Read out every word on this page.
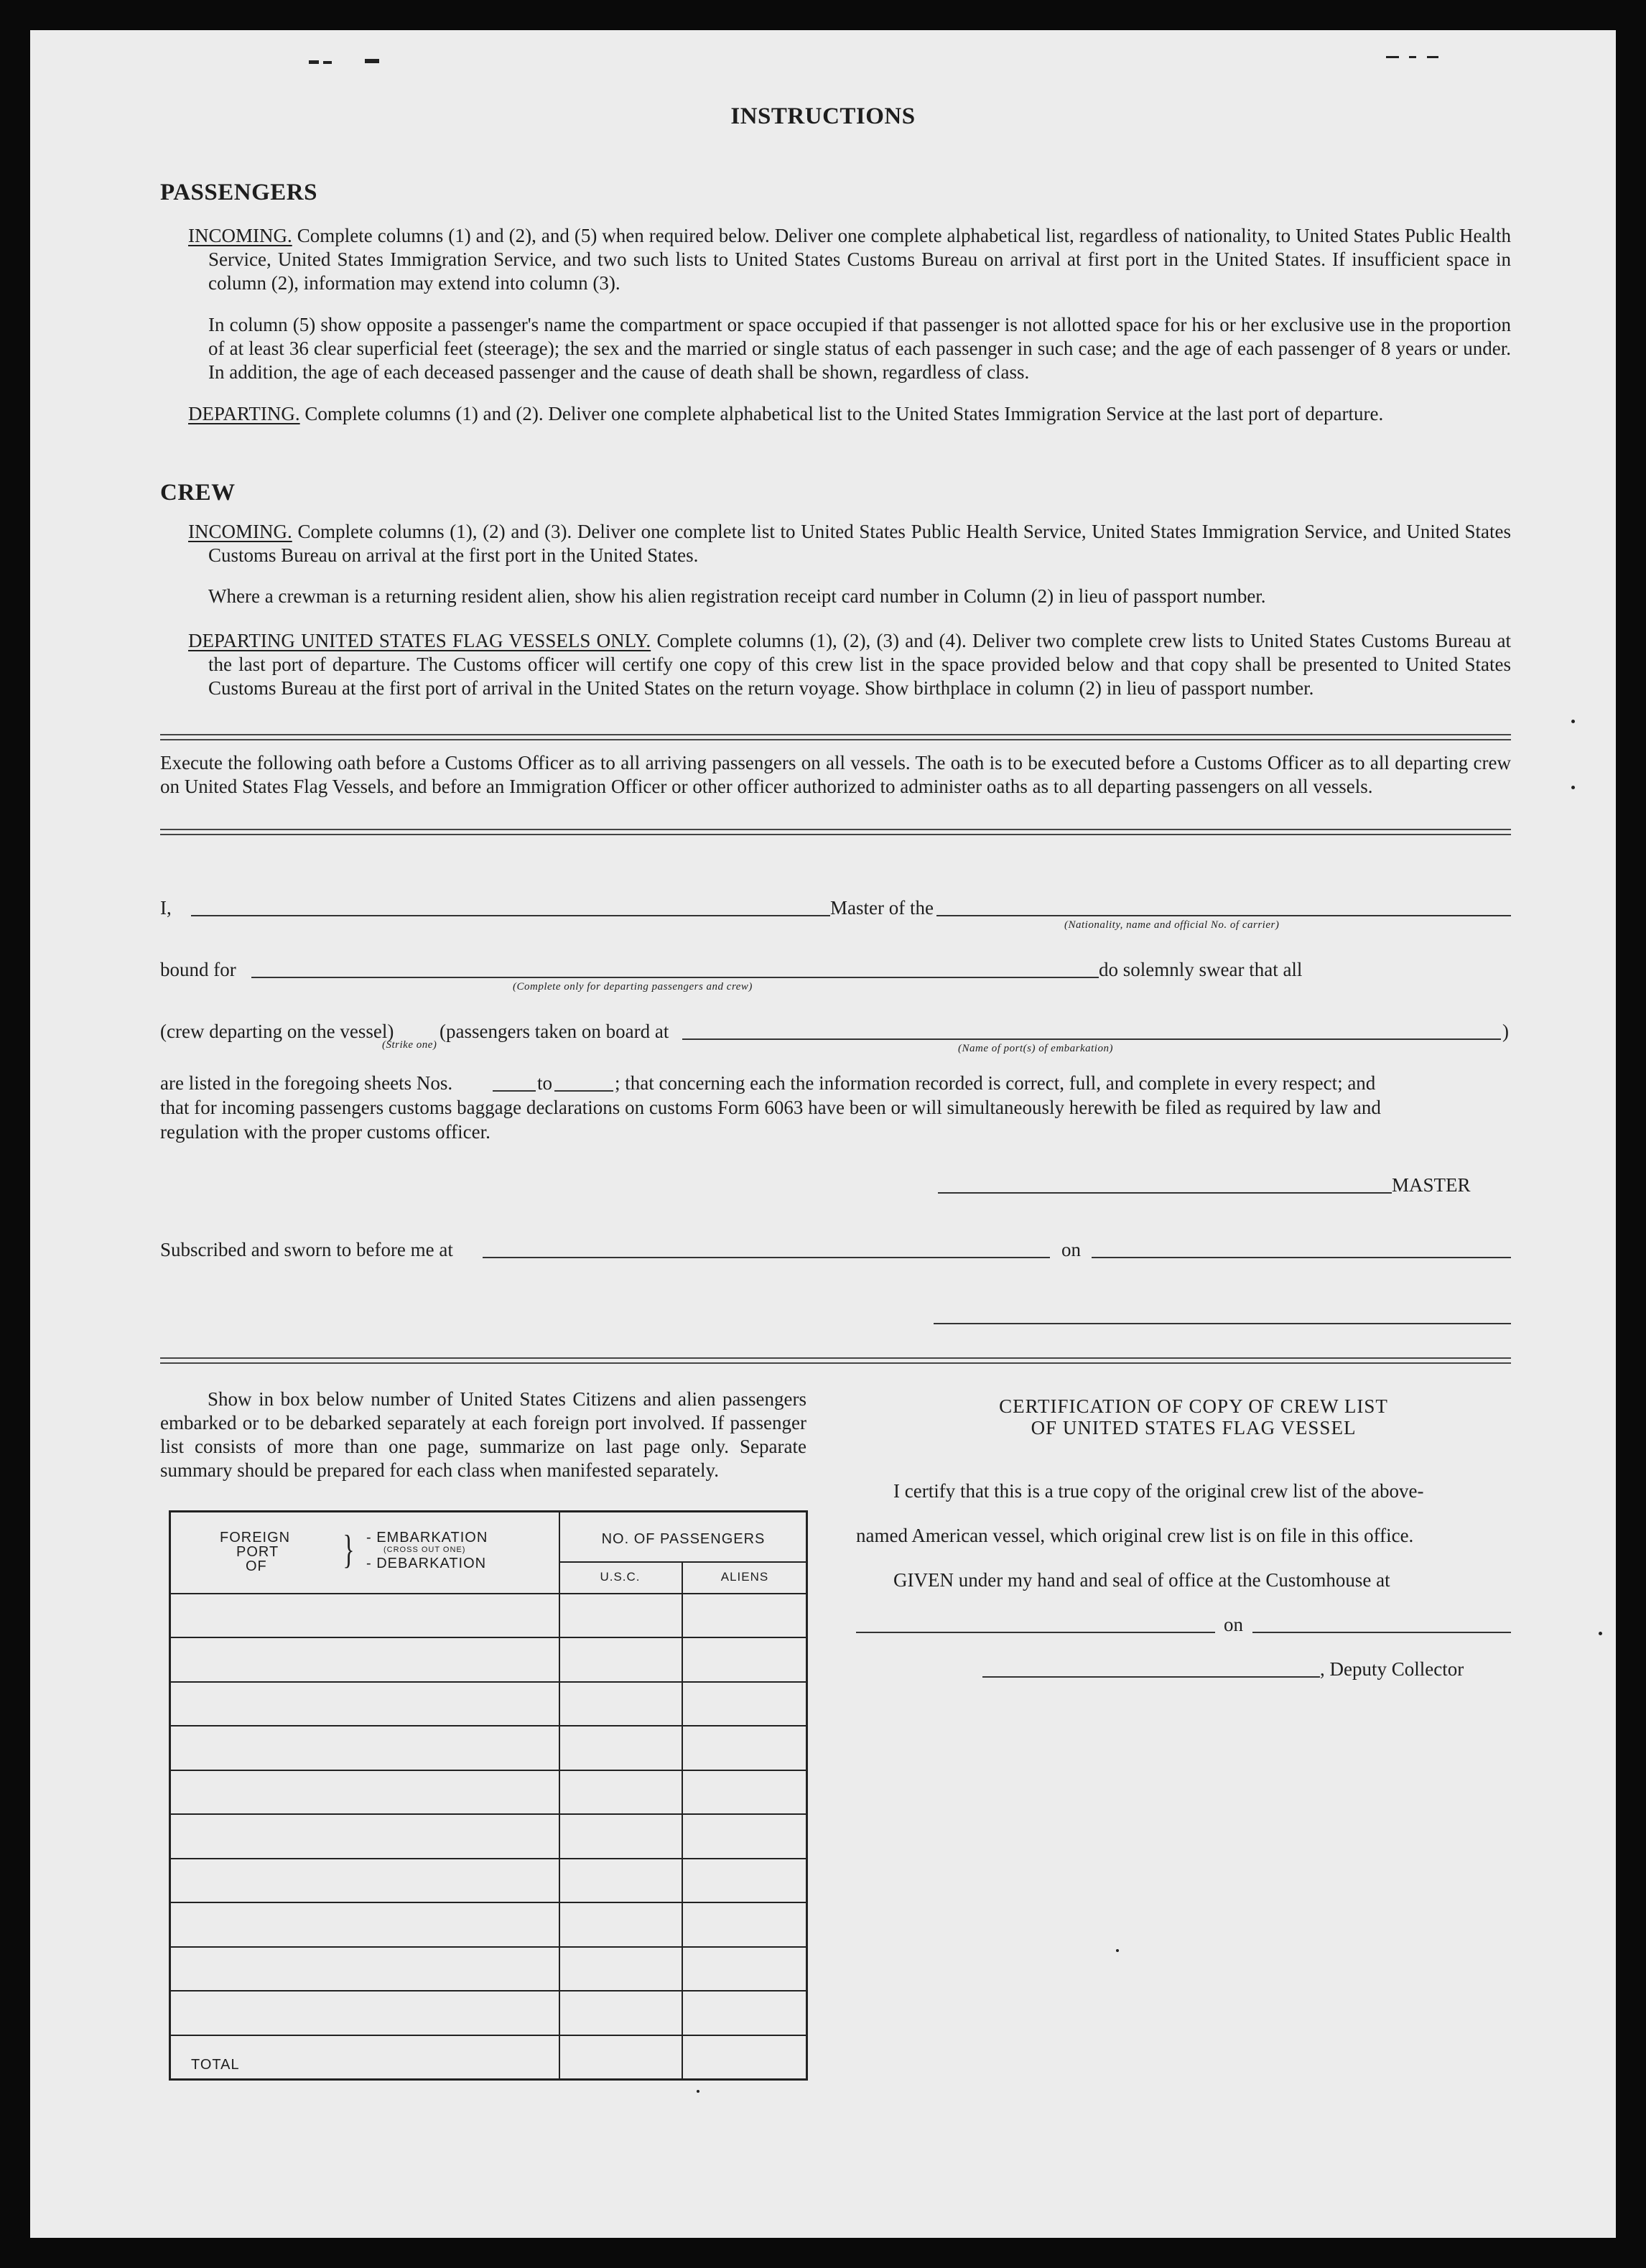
INSTRUCTIONS
PASSENGERS
INCOMING. Complete columns (1) and (2), and (5) when required below. Deliver one complete alphabetical list, regardless of nationality, to United States Public Health Service, United States Immigration Service, and two such lists to United States Customs Bureau on arrival at first port in the United States. If insufficient space in column (2), information may extend into column (3).
In column (5) show opposite a passenger's name the compartment or space occupied if that passenger is not allotted space for his or her exclusive use in the proportion of at least 36 clear superficial feet (steerage); the sex and the married or single status of each passenger in such case; and the age of each passenger of 8 years or under. In addition, the age of each deceased passenger and the cause of death shall be shown, regardless of class.
DEPARTING. Complete columns (1) and (2). Deliver one complete alphabetical list to the United States Immigration Service at the last port of departure.
CREW
INCOMING. Complete columns (1), (2) and (3). Deliver one complete list to United States Public Health Service, United States Immigration Service, and United States Customs Bureau on arrival at the first port in the United States.
Where a crewman is a returning resident alien, show his alien registration receipt card number in Column (2) in lieu of passport number.
DEPARTING UNITED STATES FLAG VESSELS ONLY. Complete columns (1), (2), (3) and (4). Deliver two complete crew lists to United States Customs Bureau at the last port of departure. The Customs officer will certify one copy of this crew list in the space provided below and that copy shall be presented to United States Customs Bureau at the first port of arrival in the United States on the return voyage. Show birthplace in column (2) in lieu of passport number.
Execute the following oath before a Customs Officer as to all arriving passengers on all vessels. The oath is to be executed before a Customs Officer as to all departing crew on United States Flag Vessels, and before an Immigration Officer or other officer authorized to administer oaths as to all departing passengers on all vessels.
I,	Master of the
(Nationality, name and official No. of carrier)
bound for
(Complete only for departing passengers and crew)
do solemnly swear that all
(crew departing on the vessel)
(Strike one)
(passengers taken on board at
(Name of port(s) of embarkation)
)
are listed in the foregoing sheets Nos.	to	; that concerning each the information recorded is correct, full, and complete in every respect; and
that for incoming passengers customs baggage declarations on customs Form 6063 have been or will simultaneously herewith be filed as required by law and
regulation with the proper customs officer.
MASTER
Subscribed and sworn to before me at	on
Show in box below number of United States Citizens and alien passengers embarked or to be debarked separately at each foreign port involved. If passenger list consists of more than one page, summarize on last page only. Separate summary should be prepared for each class when manifested separately.
FOREIGN
PORT
OF } - EMBARKATION
(CROSS OUT ONE)
- DEBARKATION
NO. OF PASSENGERS
U.S.C.	ALIENS
TOTAL
CERTIFICATION OF COPY OF CREW LIST
OF UNITED STATES FLAG VESSEL
I certify that this is a true copy of the original crew list of the above-
named American vessel, which original crew list is on file in this office.
GIVEN under my hand and seal of office at the Customhouse at
on
, Deputy Collector
